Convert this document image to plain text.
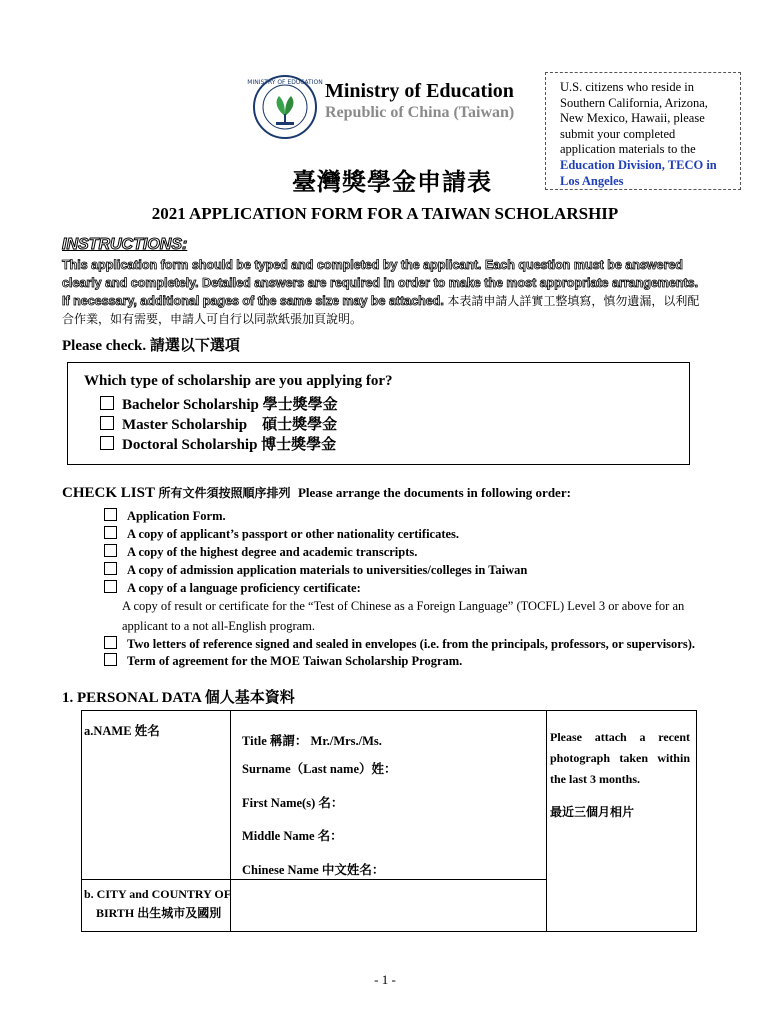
MINISTRY OF EDUCATION Ministry of Education
Republic of China (Taiwan)
U.S. citizens who reside in Southern California, Arizona, New Mexico, Hawaii, please submit your completed application materials to the Education Division, TECO in Los Angeles
臺灣獎學金申請表
2021 APPLICATION FORM FOR A TAIWAN SCHOLARSHIP
INSTRUCTIONS:
This application form should be typed and completed by the applicant. Each question must be answered clearly and completely. Detailed answers are required in order to make the most appropriate arrangements. If necessary, additional pages of the same size may be attached. 本表請申請人詳實工整填寫，慎勿遺漏，以利配合作業，如有需要，申請人可自行以同款紙張加頁說明。
Please check. 請選以下選項
Which type of scholarship are you applying for?
Bachelor Scholarship 學士獎學金
Master Scholarship    碩士獎學金
Doctoral Scholarship 博士獎學金
CHECK LIST 所有文件須按照順序排列 Please arrange the documents in following order:
Application Form.
A copy of applicant’s passport or other nationality certificates.
A copy of the highest degree and academic transcripts.
A copy of admission application materials to universities/colleges in Taiwan
A copy of a language proficiency certificate:
A copy of result or certificate for the “Test of Chinese as a Foreign Language” (TOCFL) Level 3 or above for an applicant to a not all-English program.
Two letters of reference signed and sealed in envelopes (i.e. from the principals, professors, or supervisors).
Term of agreement for the MOE Taiwan Scholarship Program.
1. PERSONAL DATA 個人基本資料
a.NAME 姓名
Title 稱謂： Mr./Mrs./Ms.
Surname（Last name）姓：
First Name(s) 名：
Middle Name 名：
Chinese Name 中文姓名：
Please attach a recent photograph taken within the last 3 months.
最近三個月相片
b. CITY and COUNTRY OF
BIRTH 出生城市及國別
- 1 -
